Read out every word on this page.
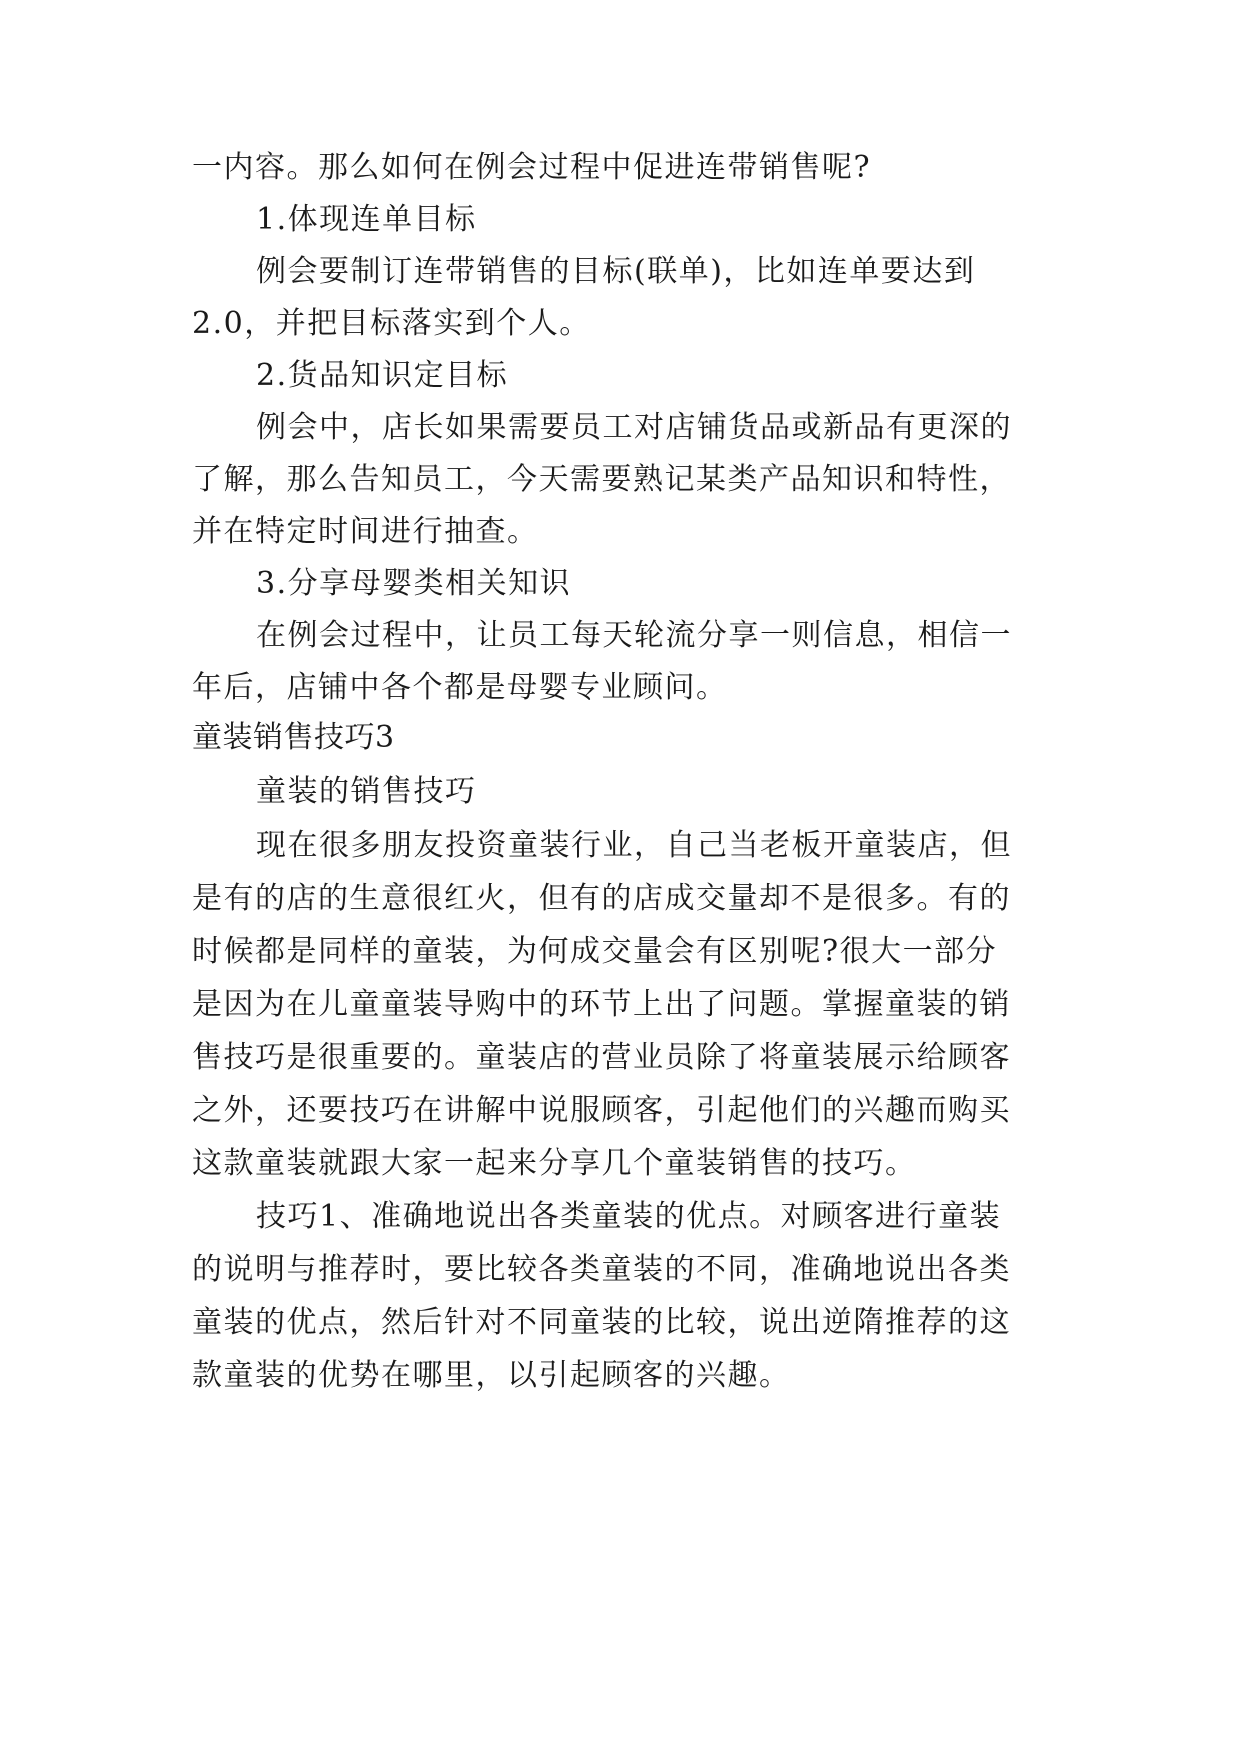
一内容。那么如何在例会过程中促进连带销售呢?
1.体现连单目标
例会要制订连带销售的目标(联单)，比如连单要达到
2.0，并把目标落实到个人。
2.货品知识定目标
例会中，店长如果需要员工对店铺货品或新品有更深的
了解，那么告知员工，今天需要熟记某类产品知识和特性，
并在特定时间进行抽查。
3.分享母婴类相关知识
在例会过程中，让员工每天轮流分享一则信息，相信一
年后，店铺中各个都是母婴专业顾问。
童装销售技巧3
童装的销售技巧
现在很多朋友投资童装行业，自己当老板开童装店，但
是有的店的生意很红火，但有的店成交量却不是很多。有的
时候都是同样的童装，为何成交量会有区别呢?很大一部分
是因为在儿童童装导购中的环节上出了问题。掌握童装的销
售技巧是很重要的。童装店的营业员除了将童装展示给顾客
之外，还要技巧在讲解中说服顾客，引起他们的兴趣而购买
这款童装就跟大家一起来分享几个童装销售的技巧。
技巧1、准确地说出各类童装的优点。对顾客进行童装
的说明与推荐时，要比较各类童装的不同，准确地说出各类
童装的优点，然后针对不同童装的比较，说出逆隋推荐的这
款童装的优势在哪里，以引起顾客的兴趣。
